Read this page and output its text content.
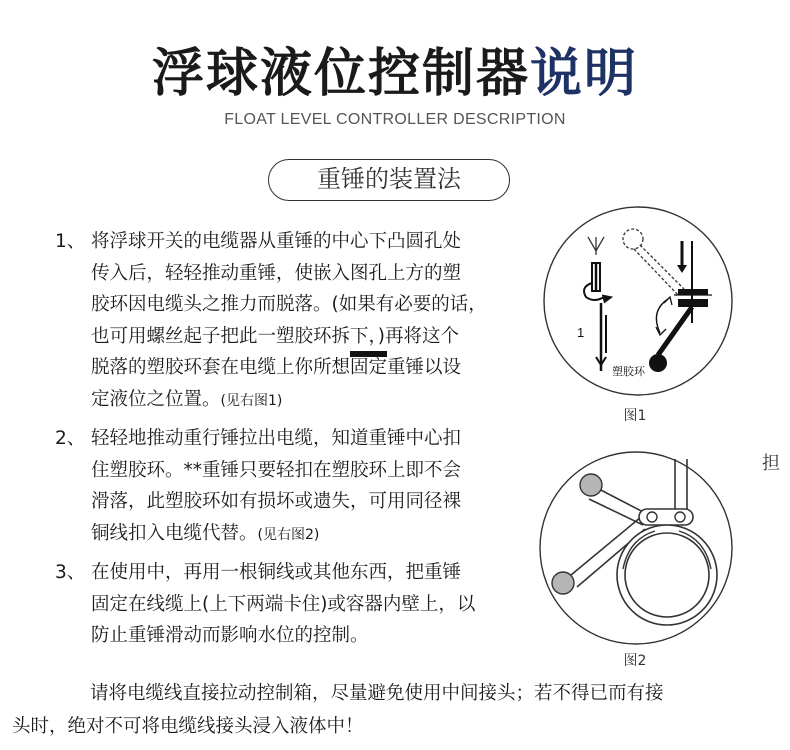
浮球液位控制器说明
FLOAT LEVEL CONTROLLER DESCRIPTION
重锤的装置法
1、 将浮球开关的电缆器从重锤的中心下凸圆孔处
传入后，轻轻推动重锤，使嵌入图孔上方的塑
胶环因电缆头之推力而脱落。(如果有必要的话，
也可用螺丝起子把此一塑胶环拆下，)再将这个
脱落的塑胶环套在电缆上你所想固定重锤以设
定液位之位置。(见右图1)
2、 轻轻地推动重行锤拉出电缆，知道重锤中心扣
住塑胶环。**重锤只要轻扣在塑胶环上即不会
滑落，此塑胶环如有损坏或遗失，可用同径裸
铜线扣入电缆代替。(见右图2)
3、 在使用中，再用一根铜线或其他东西，把重锤
固定在线缆上(上下两端卡住)或容器内壁上，以
防止重锤滑动而影响水位的控制。
1
塑胶环
图1
图2
担
请将电缆线直接拉动控制箱，尽量避免使用中间接头；若不得已而有接
头时，绝对不可将电缆线接头浸入液体中！
